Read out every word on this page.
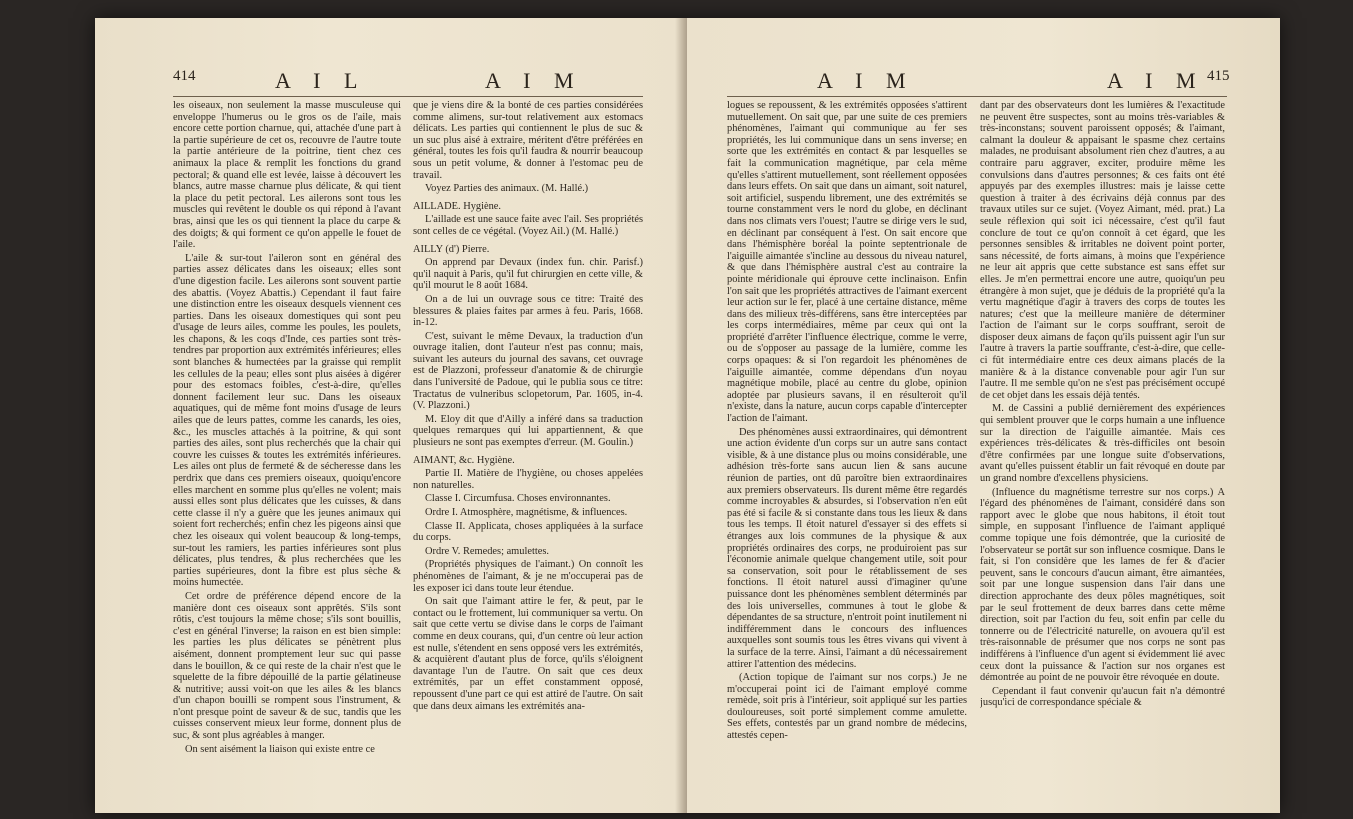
414	A I L	A I M

les oiseaux, non seulement la masse musculeuse qui enveloppe l'humerus ou le gros os de l'aile, mais encore cette portion charnue, qui, attachée d'une part à la partie supérieure de cet os, recouvre de l'autre toute la partie antérieure de la poitrine, tient chez ces animaux la place & remplit les fonctions du grand pectoral; & quand elle est levée, laisse à découvert les blancs, autre masse charnue plus délicate, & qui tient la place du petit pectoral. Les ailerons sont tous les muscles qui revêtent le double os qui répond à l'avant bras, ainsi que les os qui tiennent la place du carpe & des doigts; & qui forment ce qu'on appelle le fouet de l'aile.

L'aile & sur-tout l'aileron sont en général des parties assez délicates dans les oiseaux; elles sont d'une digestion facile. Les ailerons sont souvent partie des abattis. (Voyez Abattis.) Cependant il faut faire une distinction entre les oiseaux desquels viennent ces parties. Dans les oiseaux domestiques qui sont peu d'usage de leurs ailes, comme les poules, les poulets, les chapons, & les coqs d'Inde, ces parties sont très-tendres par proportion aux extrémités inférieures; elles sont blanches & humectées par la graisse qui remplit les cellules de la peau; elles sont plus aisées à digérer pour des estomacs foibles, c'est-à-dire, qu'elles donnent facilement leur suc. Dans les oiseaux aquatiques, qui de même font moins d'usage de leurs ailes que de leurs pattes, comme les canards, les oies, &c., les muscles attachés à la poitrine, & qui sont parties des ailes, sont plus recherchés que la chair qui couvre les cuisses & toutes les extrémités inférieures. Les ailes ont plus de fermeté & de sécheresse dans les perdrix que dans ces premiers oiseaux, quoiqu'encore elles marchent en somme plus qu'elles ne volent; mais aussi elles sont plus délicates que les cuisses, & dans cette classe il n'y a guère que les jeunes animaux qui soient fort recherchés; enfin chez les pigeons ainsi que chez les oiseaux qui volent beaucoup & long-temps, sur-tout les ramiers, les parties inférieures sont plus délicates, plus tendres, & plus recherchées que les parties supérieures, dont la fibre est plus sèche & moins humectée.

Cet ordre de préférence dépend encore de la manière dont ces oiseaux sont apprêtés. S'ils sont rôtis, c'est toujours la même chose; s'ils sont bouillis, c'est en général l'inverse; la raison en est bien simple: les parties les plus délicates se pénètrent plus aisément, donnent promptement leur suc qui passe dans le bouillon, & ce qui reste de la chair n'est que le squelette de la fibre dépouillé de la partie gélatineuse & nutritive; aussi voit-on que les ailes & les blancs d'un chapon bouilli se rompent sous l'instrument, & n'ont presque point de saveur & de suc, tandis que les cuisses conservent mieux leur forme, donnent plus de suc, & sont plus agréables à manger.

On sent aisément la liaison qui existe entre ce

que je viens dire & la bonté de ces parties considérées comme alimens, sur-tout relativement aux estomacs délicats. Les parties qui contiennent le plus de suc & un suc plus aisé à extraire, méritent d'être préférées en général, toutes les fois qu'il faudra & nourrir beaucoup sous un petit volume, & donner à l'estomac peu de travail.

Voyez Parties des animaux. (M. Hallé.)

AILLADE. Hygiène.

L'aillade est une sauce faite avec l'ail. Ses propriétés sont celles de ce végétal. (Voyez Ail.) (M. Hallé.)

AILLY (d') Pierre.

On apprend par Devaux (index fun. chir. Parisf.) qu'il naquit à Paris, qu'il fut chirurgien en cette ville, & qu'il mourut le 8 août 1684.

On a de lui un ouvrage sous ce titre: Traité des blessures & plaies faites par armes à feu. Paris, 1668. in-12.

C'est, suivant le même Devaux, la traduction d'un ouvrage italien, dont l'auteur n'est pas connu; mais, suivant les auteurs du journal des savans, cet ouvrage est de Plazzoni, professeur d'anatomie & de chirurgie dans l'université de Padoue, qui le publia sous ce titre: Tractatus de vulneribus sclopetorum, Par. 1605, in-4. (V. Plazzoni.)

M. Eloy dit que d'Ailly a inféré dans sa traduction quelques remarques qui lui appartiennent, & que plusieurs ne sont pas exemptes d'erreur. (M. Goulin.)

AIMANT, &c. Hygiène.

Partie II. Matière de l'hygiène, ou choses appelées non naturelles.

Classe I. Circumfusa. Choses environnantes.

Ordre I. Atmosphère, magnétisme, & influences.

Classe II. Applicata, choses appliquées à la surface du corps.

Ordre V. Remedes; amulettes.

(Propriétés physiques de l'aimant.) On connoît les phénomènes de l'aimant, & je ne m'occuperai pas de les exposer ici dans toute leur étendue.

On sait que l'aimant attire le fer, & peut, par le contact ou le frottement, lui communiquer sa vertu. On sait que cette vertu se divise dans le corps de l'aimant comme en deux courans, qui, d'un centre où leur action est nulle, s'étendent en sens opposé vers les extrémités, & acquièrent d'autant plus de force, qu'ils s'éloignent davantage l'un de l'autre. On sait que ces deux extrémités, par un effet constamment opposé, repoussent d'une part ce qui est attiré de l'autre. On sait que dans deux aimans les extrémités ana-

A I M	A I M 415

logues se repoussent, & les extrémités opposées s'attirent mutuellement. On sait que, par une suite de ces premiers phénomènes, l'aimant qui communique au fer ses propriétés, les lui communique dans un sens inverse; en sorte que les extrémités en contact & par lesquelles se fait la communication magnétique, par cela même qu'elles s'attirent mutuellement, sont réellement opposées dans leurs effets. On sait que dans un aimant, soit naturel, soit artificiel, suspendu librement, une des extrémités se tourne constamment vers le nord du globe, en déclinant dans nos climats vers l'ouest; l'autre se dirige vers le sud, en déclinant par conséquent à l'est. On sait encore que dans l'hémisphère boréal la pointe septentrionale de l'aiguille aimantée s'incline au dessous du niveau naturel, & que dans l'hémisphère austral c'est au contraire la pointe méridionale qui éprouve cette inclinaison. Enfin l'on sait que les propriétés attractives de l'aimant exercent leur action sur le fer, placé à une certaine distance, même dans des milieux très-différens, sans être interceptées par les corps intermédiaires, même par ceux qui ont la propriété d'arrêter l'influence électrique, comme le verre, ou de s'opposer au passage de la lumière, comme les corps opaques: & si l'on regardoit les phénomènes de l'aiguille aimantée, comme dépendans d'un noyau magnétique mobile, placé au centre du globe, opinion adoptée par plusieurs savans, il en résulteroit qu'il n'existe, dans la nature, aucun corps capable d'intercepter l'action de l'aimant.

Des phénomènes aussi extraordinaires, qui démontrent une action évidente d'un corps sur un autre sans contact visible, & à une distance plus ou moins considérable, une adhésion très-forte sans aucun lien & sans aucune réunion de parties, ont dû paroître bien extraordinaires aux premiers observateurs. Ils durent même être regardés comme incroyables & absurdes, si l'observation n'en eût pas été si facile & si constante dans tous les lieux & dans tous les temps. Il étoit naturel d'essayer si des effets si étranges aux lois communes de la physique & aux propriétés ordinaires des corps, ne produiroient pas sur l'économie animale quelque changement utile, soit pour sa conservation, soit pour le rétablissement de ses fonctions. Il étoit naturel aussi d'imaginer qu'une puissance dont les phénomènes semblent déterminés par des lois universelles, communes à tout le globe & dépendantes de sa structure, n'entroit point inutilement ni indifféremment dans le concours des influences auxquelles sont soumis tous les êtres vivans qui vivent à la surface de la terre. Ainsi, l'aimant a dû nécessairement attirer l'attention des médecins.

(Action topique de l'aimant sur nos corps.) Je ne m'occuperai point ici de l'aimant employé comme remède, soit pris à l'intérieur, soit appliqué sur les parties douloureuses, soit porté simplement comme amulette. Ses effets, contestés par un grand nombre de médecins, attestés cepen-

dant par des observateurs dont les lumières & l'exactitude ne peuvent être suspectes, sont au moins très-variables & très-inconstans; souvent paroissent opposés; & l'aimant, calmant la douleur & appaisant le spasme chez certains malades, ne produisant absolument rien chez d'autres, a au contraire paru aggraver, exciter, produire même les convulsions dans d'autres personnes; & ces faits ont été appuyés par des exemples illustres: mais je laisse cette question à traiter à des écrivains déjà connus par des travaux utiles sur ce sujet. (Voyez Aimant, méd. prat.) La seule réflexion qui soit ici nécessaire, c'est qu'il faut conclure de tout ce qu'on connoît à cet égard, que les personnes sensibles & irritables ne doivent point porter, sans nécessité, de forts aimans, à moins que l'expérience ne leur ait appris que cette substance est sans effet sur elles. Je m'en permettrai encore une autre, quoiqu'un peu étrangère à mon sujet, que je déduis de la propriété qu'a la vertu magnétique d'agir à travers des corps de toutes les natures; c'est que la meilleure manière de déterminer l'action de l'aimant sur le corps souffrant, seroit de disposer deux aimans de façon qu'ils puissent agir l'un sur l'autre à travers la partie souffrante, c'est-à-dire, que celle-ci fût intermédiaire entre ces deux aimans placés de la manière & à la distance convenable pour agir l'un sur l'autre. Il me semble qu'on ne s'est pas précisément occupé de cet objet dans les essais déjà tentés.

M. de Cassini a publié dernièrement des expériences qui semblent prouver que le corps humain a une influence sur la direction de l'aiguille aimantée. Mais ces expériences très-délicates & très-difficiles ont besoin d'être confirmées par une longue suite d'observations, avant qu'elles puissent établir un fait révoqué en doute par un grand nombre d'excellens physiciens.

(Influence du magnétisme terrestre sur nos corps.) A l'égard des phénomènes de l'aimant, considéré dans son rapport avec le globe que nous habitons, il étoit tout simple, en supposant l'influence de l'aimant appliqué comme topique une fois démontrée, que la curiosité de l'observateur se portât sur son influence cosmique. Dans le fait, si l'on considère que les lames de fer & d'acier peuvent, sans le concours d'aucun aimant, être aimantées, soit par une longue suspension dans l'air dans une direction approchante des deux pôles magnétiques, soit par le seul frottement de deux barres dans cette même direction, soit par l'action du feu, soit enfin par celle du tonnerre ou de l'électricité naturelle, on avouera qu'il est très-raisonnable de présumer que nos corps ne sont pas indifférens à l'influence d'un agent si évidemment lié avec ceux dont la puissance & l'action sur nos organes est démontrée au point de ne pouvoir être révoquée en doute.

Cependant il faut convenir qu'aucun fait n'a démontré jusqu'ici de correspondance spéciale &
